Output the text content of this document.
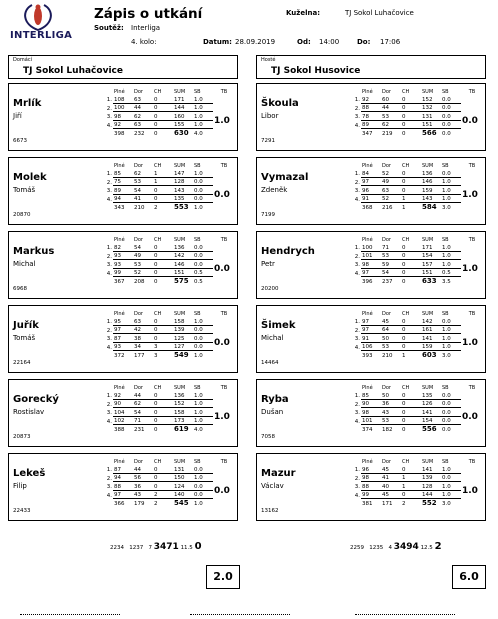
INTERLIGA
Zápis o utkání
Soutěž: Interliga
4. kolo:
Kuželna:	TJ Sokol Luhačovice
Datum: 28.09.2019	Od: 14:00	Do: 17:06
Domácí
TJ Sokol Luhačovice
Hosté
TJ Sokol Husovice
Mrlík
Jiří
6673
	Plné	Dor	CH	SUM	SB	TB
1.	108	63	0	171	1.0	
2.	100	44	0	144	1.0	
3.	98	62	0	160	1.0	
4.	92	63	0	155	1.0	
	398	232	0	630	4.0	
1.0
Molek
Tomáš
20870
	Plné	Dor	CH	SUM	SB	TB
1.	85	62	1	147	1.0	
2.	75	53	1	128	0.0	
3.	89	54	0	143	0.0	
4.	94	41	0	135	0.0	
	343	210	2	553	1.0	
0.0
Markus
Michal
6968
	Plné	Dor	CH	SUM	SB	TB
1.	82	54	0	136	0.0	
2.	93	49	0	142	0.0	
3.	93	53	0	146	0.0	
4.	99	52	0	151	0.5	
	367	208	0	575	0.5	
0.0
Juřík
Tomáš
22164
	Plné	Dor	CH	SUM	SB	TB
1.	95	63	0	158	1.0	
2.	97	42	0	139	0.0	
3.	87	38	0	125	0.0	
4.	93	34	3	127	0.0	
	372	177	3	549	1.0	
0.0
Gorecký
Rostislav
20873
	Plné	Dor	CH	SUM	SB	TB
1.	92	44	0	136	1.0	
2.	90	62	0	152	1.0	
3.	104	54	0	158	1.0	
4.	102	71	0	173	1.0	
	388	231	0	619	4.0	
1.0
Lekeš
Filip
22433
	Plné	Dor	CH	SUM	SB	TB
1.	87	44	0	131	0.0	
2.	94	56	0	150	1.0	
3.	88	36	0	124	0.0	
4.	97	43	2	140	0.0	
	366	179	2	545	1.0	
0.0
Škoula
Libor
7291
	Plné	Dor	CH	SUM	SB	TB
1.	92	60	0	152	0.0	
2.	88	44	0	132	0.0	
3.	78	53	0	131	0.0	
4.	89	62	0	151	0.0	
	347	219	0	566	0.0	
0.0
Vymazal
Zdeněk
7199
	Plné	Dor	CH	SUM	SB	TB
1.	84	52	0	136	0.0	
2.	97	49	0	146	1.0	
3.	96	63	0	159	1.0	
4.	91	52	1	143	1.0	
	368	216	1	584	3.0	
1.0
Hendrych
Petr
20200
	Plné	Dor	CH	SUM	SB	TB
1.	100	71	0	171	1.0	
2.	101	53	0	154	1.0	
3.	98	59	0	157	1.0	
4.	97	54	0	151	0.5	
	396	237	0	633	3.5	
1.0
Šimek
Michal
14464
	Plné	Dor	CH	SUM	SB	TB
1.	97	45	0	142	0.0	
2.	97	64	0	161	1.0	
3.	91	50	0	141	1.0	
4.	106	53	0	159	1.0	
	393	210	1	603	3.0	
1.0
Ryba
Dušan
7058
	Plné	Dor	CH	SUM	SB	TB
1.	85	50	0	135	0.0	
2.	90	36	0	126	0.0	
3.	98	43	0	141	0.0	
4.	101	53	0	154	0.0	
	374	182	0	556	0.0	
0.0
Mazur
Václav
13162
	Plné	Dor	CH	SUM	SB	TB
1.	96	45	0	141	1.0	
2.	98	41	1	139	0.0	
3.	88	40	1	128	1.0	
4.	99	45	0	144	1.0	
	381	171	2	552	3.0	
1.0
2234 1237 7 3471 11.5 0	2259 1235 4 3494 12.5 2
2.0	6.0
